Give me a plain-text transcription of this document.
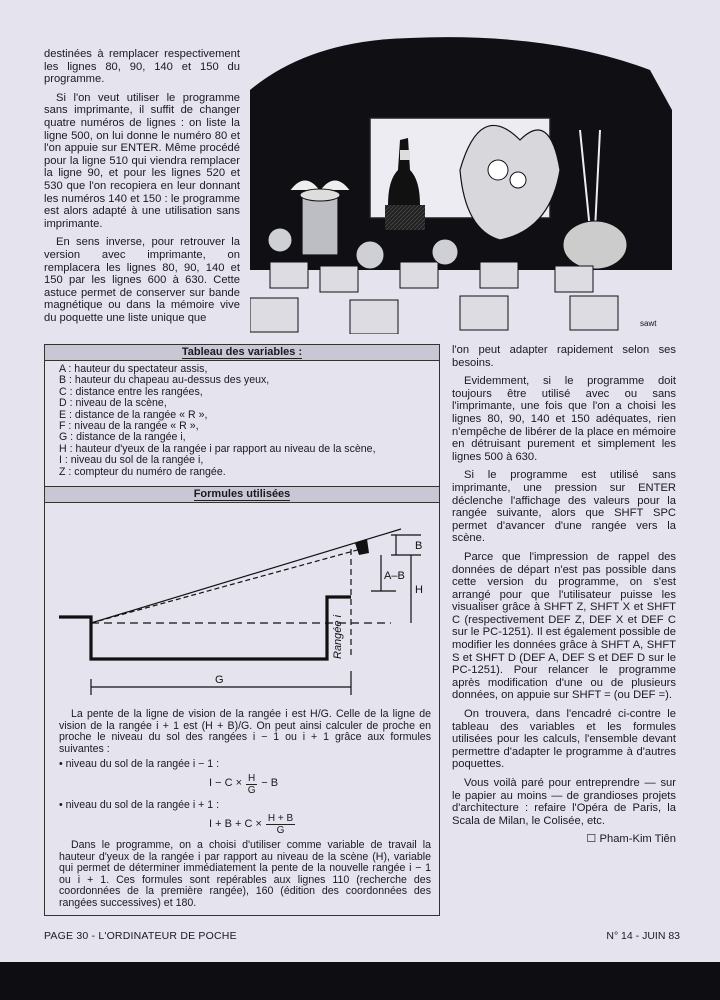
destinées à remplacer respectivement les lignes 80, 90, 140 et 150 du programme.

Si l'on veut utiliser le programme sans imprimante, il suffit de changer quatre numéros de lignes : on liste la ligne 500, on lui donne le numéro 80 et l'on appuie sur ENTER. Même procédé pour la ligne 510 qui viendra remplacer la ligne 90, et pour les lignes 520 et 530 que l'on recopiera en leur donnant les numéros 140 et 150 : le programme est alors adapté à une utilisation sans imprimante.

En sens inverse, pour retrouver la version avec imprimante, on remplacera les lignes 80, 90, 140 et 150 par les lignes 600 à 630. Cette astuce permet de conserver sur bande magnétique ou dans la mémoire vive du poquette une liste unique que	sawt
Tableau des variables :
A : hauteur du spectateur assis,
B : hauteur du chapeau au-dessus des yeux,
C : distance entre les rangées,
D : niveau de la scène,
E : distance de la rangée « R »,
F : niveau de la rangée « R »,
G : distance de la rangée i,
H : hauteur d'yeux de la rangée i par rapport au niveau de la scène,
I : niveau du sol de la rangée i,
Z : compteur du numéro de rangée.
Formules utilisées
B
A–B
H
G
Rangée i

La pente de la ligne de vision de la rangée i est H/G. Celle de la ligne de vision de la rangée i + 1 est (H + B)/G. On peut ainsi calculer de proche en proche le niveau du sol des rangées i − 1 ou i + 1 grâce aux formules suivantes :

• niveau du sol de la rangée i − 1 :
$I - C \times \frac{H}{G} - B$
• niveau du sol de la rangée i + 1 :
$I + B + C \times \frac{H + B}{G}$

Dans le programme, on a choisi d'utiliser comme variable de travail la hauteur d'yeux de la rangée i par rapport au niveau de la scène (H), variable qui permet de déterminer immédiatement la pente de la nouvelle rangée i − 1 ou i + 1. Ces formules sont repérables aux lignes 110 (recherche des coordonnées de la première rangée), 160 (édition des coordonnées des rangées successives) et 180.

l'on peut adapter rapidement selon ses besoins.

Evidemment, si le programme doit toujours être utilisé avec ou sans l'imprimante, une fois que l'on a choisi les lignes 80, 90, 140 et 150 adéquates, rien n'empêche de libérer de la place en mémoire en détruisant purement et simplement les lignes 500 à 630.

Si le programme est utilisé sans imprimante, une pression sur ENTER déclenche l'affichage des valeurs pour la rangée suivante, alors que SHFT SPC permet d'avancer d'une rangée vers la scène.

Parce que l'impression de rappel des données de départ n'est pas possible dans cette version du programme, on s'est arrangé pour que l'utilisateur puisse les visualiser grâce à SHFT Z, SHFT X et SHFT C (respectivement DEF Z, DEF X et DEF C sur le PC-1251). Il est également possible de modifier les données grâce à SHFT A, SHFT S et SHFT D (DEF A, DEF S et DEF D sur le PC-1251). Pour relancer le programme après modification d'une ou de plusieurs données, on appuie sur SHFT = (ou DEF =).

On trouvera, dans l'encadré ci-contre le tableau des variables et les formules utilisées pour les calculs, l'ensemble devant permettre d'adapter le programme à d'autres poquettes.

Vous voilà paré pour entreprendre — sur le papier au moins — de grandioses projets d'architecture : refaire l'Opéra de Paris, la Scala de Milan, le Colisée, etc.

☐ Pham-Kim Tiên
PAGE 30 - L'ORDINATEUR DE POCHE	N° 14 - JUIN 83
